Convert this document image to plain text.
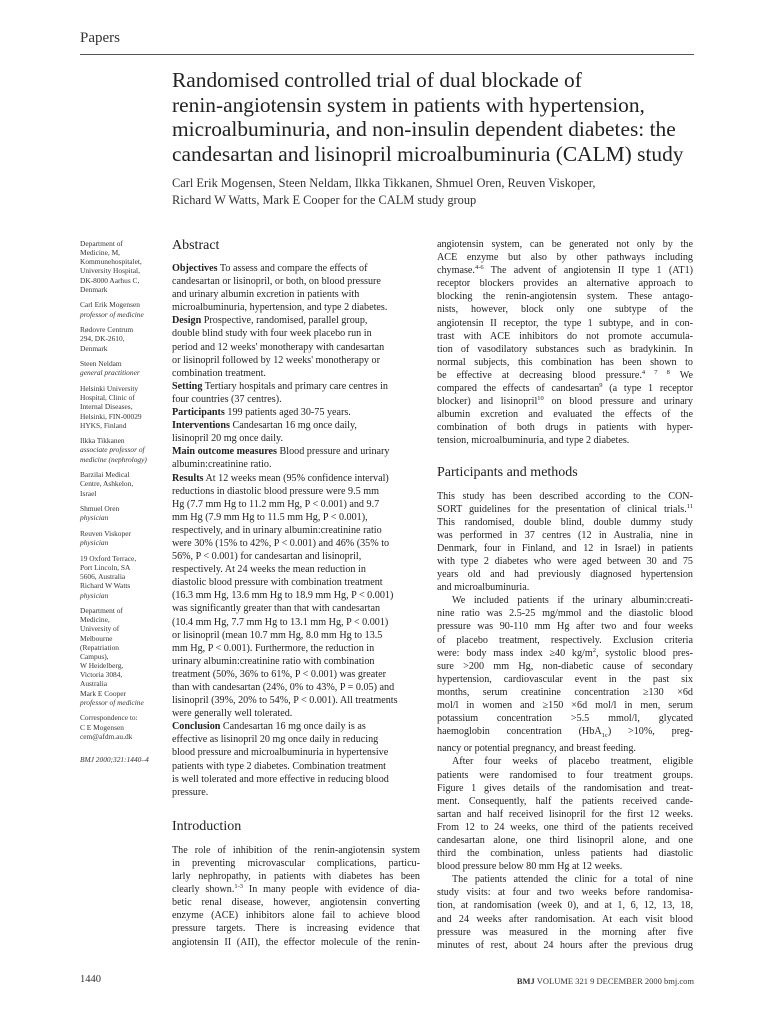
Papers
Randomised controlled trial of dual blockade of
renin-angiotensin system in patients with hypertension,
microalbuminuria, and non-insulin dependent diabetes: the
candesartan and lisinopril microalbuminuria (CALM) study
Carl Erik Mogensen, Steen Neldam, Ilkka Tikkanen, Shmuel Oren, Reuven Viskoper,
Richard W Watts, Mark E Cooper for the CALM study group
Department of
Medicine, M,
Kommunehospitalet,
University Hospital,
DK-8000 Aarhus C,
Denmark
Carl Erik Mogensen
professor of medicine
Rødovre Centrum
294, DK-2610,
Denmark
Steen Neldam
general practitioner
Helsinki University
Hospital, Clinic of
Internal Diseases,
Helsinki, FIN-00029
HYKS, Finland
Ilkka Tikkanen
associate professor of
medicine (nephrology)
Barzilai Medical
Centre, Ashkelon,
Israel
Shmuel Oren
physician
Reuven Viskoper
physician
19 Oxford Terrace,
Port Lincoln, SA
5606, Australia
Richard W Watts
physician
Department of
Medicine,
University of
Melbourne
(Repatriation
Campus),
W Heidelberg,
Victoria 3084,
Australia
Mark E Cooper
professor of medicine
Correspondence to:
C E Mogensen
cem@afdm.au.dk
BMJ 2000;321:1440–4
Abstract

Objectives To assess and compare the effects of
candesartan or lisinopril, or both, on blood pressure
and urinary albumin excretion in patients with
microalbuminuria, hypertension, and type 2 diabetes.

Design Prospective, randomised, parallel group,
double blind study with four week placebo run in
period and 12 weeks' monotherapy with candesartan
or lisinopril followed by 12 weeks' monotherapy or
combination treatment.

Setting Tertiary hospitals and primary care centres in
four countries (37 centres).

Participants 199 patients aged 30-75 years.

Interventions Candesartan 16 mg once daily,
lisinopril 20 mg once daily.

Main outcome measures Blood pressure and urinary
albumin:creatinine ratio.

Results At 12 weeks mean (95% confidence interval)
reductions in diastolic blood pressure were 9.5 mm
Hg (7.7 mm Hg to 11.2 mm Hg, P < 0.001) and 9.7
mm Hg (7.9 mm Hg to 11.5 mm Hg, P < 0.001),
respectively, and in urinary albumin:creatinine ratio
were 30% (15% to 42%, P < 0.001) and 46% (35% to
56%, P < 0.001) for candesartan and lisinopril,
respectively. At 24 weeks the mean reduction in
diastolic blood pressure with combination treatment
(16.3 mm Hg, 13.6 mm Hg to 18.9 mm Hg, P < 0.001)
was significantly greater than that with candesartan
(10.4 mm Hg, 7.7 mm Hg to 13.1 mm Hg, P < 0.001)
or lisinopril (mean 10.7 mm Hg, 8.0 mm Hg to 13.5
mm Hg, P < 0.001). Furthermore, the reduction in
urinary albumin:creatinine ratio with combination
treatment (50%, 36% to 61%, P < 0.001) was greater
than with candesartan (24%, 0% to 43%, P = 0.05) and
lisinopril (39%, 20% to 54%, P < 0.001). All treatments
were generally well tolerated.

Conclusion Candesartan 16 mg once daily is as
effective as lisinopril 20 mg once daily in reducing
blood pressure and microalbuminuria in hypertensive
patients with type 2 diabetes. Combination treatment
is well tolerated and more effective in reducing blood
pressure.

Introduction

The role of inhibition of the renin-angiotensin system
in preventing microvascular complications, particu-
larly nephropathy, in patients with diabetes has been
clearly shown.$^{1-3}$ In many people with evidence of dia-
betic renal disease, however, angiotensin converting
enzyme (ACE) inhibitors alone fail to achieve blood
pressure targets. There is increasing evidence that
angiotensin II (AII), the effector molecule of the renin-

angiotensin system, can be generated not only by the
ACE enzyme but also by other pathways including
chymase.$^{4-6}$ The advent of angiotensin II type 1 (AT1)
receptor blockers provides an alternative approach to
blocking the renin-angiotensin system. These antago-
nists, however, block only one subtype of the
angiotensin II receptor, the type 1 subtype, and in con-
trast with ACE inhibitors do not promote accumula-
tion of vasodilatory substances such as bradykinin. In
normal subjects, this combination has been shown to
be effective at decreasing blood pressure.$^{4 7 8}$ We
compared the effects of candesartan$^9$ (a type 1 receptor
blocker) and lisinopril$^{10}$ on blood pressure and urinary
albumin excretion and evaluated the effects of the
combination of both drugs in patients with hyper-
tension, microalbuminuria, and type 2 diabetes.

Participants and methods

This study has been described according to the CON-
SORT guidelines for the presentation of clinical trials.$^{11}$
This randomised, double blind, double dummy study
was performed in 37 centres (12 in Australia, nine in
Denmark, four in Finland, and 12 in Israel) in patients
with type 2 diabetes who were aged between 30 and 75
years old and had previously diagnosed hypertension
and microalbuminuria.

We included patients if the urinary albumin:creati-
nine ratio was 2.5-25 mg/mmol and the diastolic blood
pressure was 90-110 mm Hg after two and four weeks
of placebo treatment, respectively. Exclusion criteria
were: body mass index ≥40 $kg/m^2$, systolic blood pres-
sure >200 mm Hg, non-diabetic cause of secondary
hypertension, cardiovascular event in the past six
months, serum creatinine concentration ≥130 ×6d
mol/l in women and ≥150 ×6d mol/l in men, serum
potassium concentration >5.5 mmol/l, glycated
haemoglobin concentration (HbA$_{1c}$) >10%, preg-
nancy or potential pregnancy, and breast feeding.

After four weeks of placebo treatment, eligible
patients were randomised to four treatment groups.
Figure 1 gives details of the randomisation and treat-
ment. Consequently, half the patients received cande-
sartan and half received lisinopril for the first 12 weeks.
From 12 to 24 weeks, one third of the patients received
candesartan alone, one third lisinopril alone, and one
third the combination, unless patients had diastolic
blood pressure below 80 mm Hg at 12 weeks.

The patients attended the clinic for a total of nine
study visits: at four and two weeks before randomisa-
tion, at randomisation (week 0), and at 1, 6, 12, 13, 18,
and 24 weeks after randomisation. At each visit blood
pressure was measured in the morning after five
minutes of rest, about 24 hours after the previous drug

1440	BMJ VOLUME 321 9 DECEMBER 2000 bmj.com
